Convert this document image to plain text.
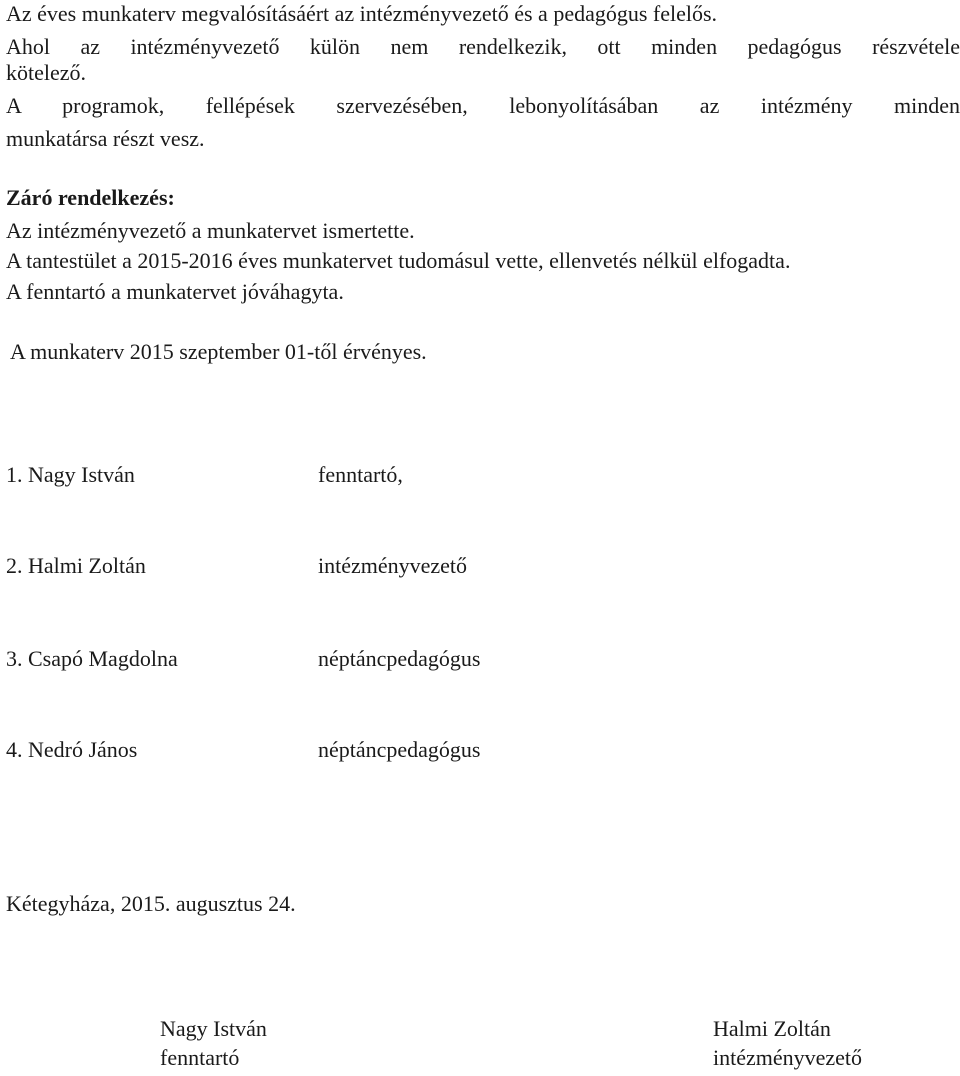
Az éves munkaterv megvalósításáért az intézményvezető és a pedagógus felelős.
Ahol az intézményvezető külön nem rendelkezik, ott minden pedagógus részvétele
kötelező.
A programok, fellépések szervezésében, lebonyolításában az intézmény minden
munkatársa részt vesz.
Záró rendelkezés:
Az intézményvezető a munkatervet ismertette.
A tantestület a 2015-2016 éves munkatervet tudomásul vette, ellenvetés nélkül elfogadta.
A fenntartó a munkatervet jóváhagyta.
A munkaterv 2015 szeptember 01-től érvényes.
1. Nagy István	fenntartó,
2. Halmi Zoltán	intézményvezető
3. Csapó Magdolna	néptáncpedagógus
4. Nedró János	néptáncpedagógus
Kétegyháza, 2015. augusztus 24.
Nagy István
fenntartó
Halmi Zoltán
intézményvezető
